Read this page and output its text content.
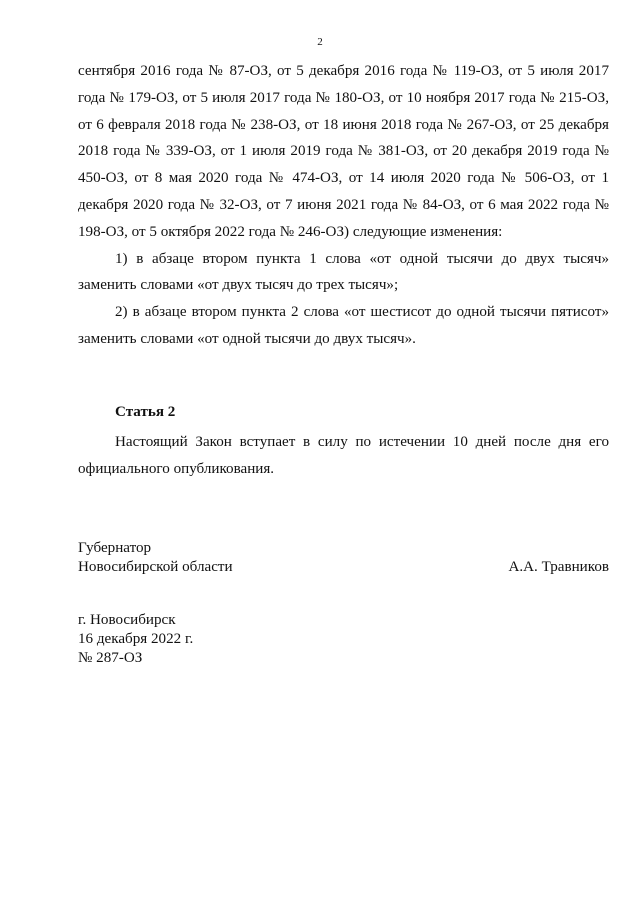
2

сентября 2016 года № 87-ОЗ, от 5 декабря 2016 года № 119-ОЗ, от 5 июля 2017 года № 179-ОЗ, от 5 июля 2017 года № 180-ОЗ, от 10 ноября 2017 года № 215-ОЗ, от 6 февраля 2018 года № 238-ОЗ, от 18 июня 2018 года № 267-ОЗ, от 25 декабря 2018 года № 339-ОЗ, от 1 июля 2019 года № 381-ОЗ, от 20 декабря 2019 года № 450-ОЗ, от 8 мая 2020 года № 474-ОЗ, от 14 июля 2020 года № 506-ОЗ, от 1 декабря 2020 года № 32-ОЗ, от 7 июня 2021 года № 84-ОЗ, от 6 мая 2022 года № 198-ОЗ, от 5 октября 2022 года № 246-ОЗ) следующие изменения:

1) в абзаце втором пункта 1 слова «от одной тысячи до двух тысяч» заменить словами «от двух тысяч до трех тысяч»;

2) в абзаце втором пункта 2 слова «от шестисот до одной тысячи пятисот» заменить словами «от одной тысячи до двух тысяч».

Статья 2

Настоящий Закон вступает в силу по истечении 10 дней после дня его официального опубликования.

Губернатор
Новосибирской области	А.А. Травников
г. Новосибирск
16 декабря 2022 г.
№ 287-ОЗ
